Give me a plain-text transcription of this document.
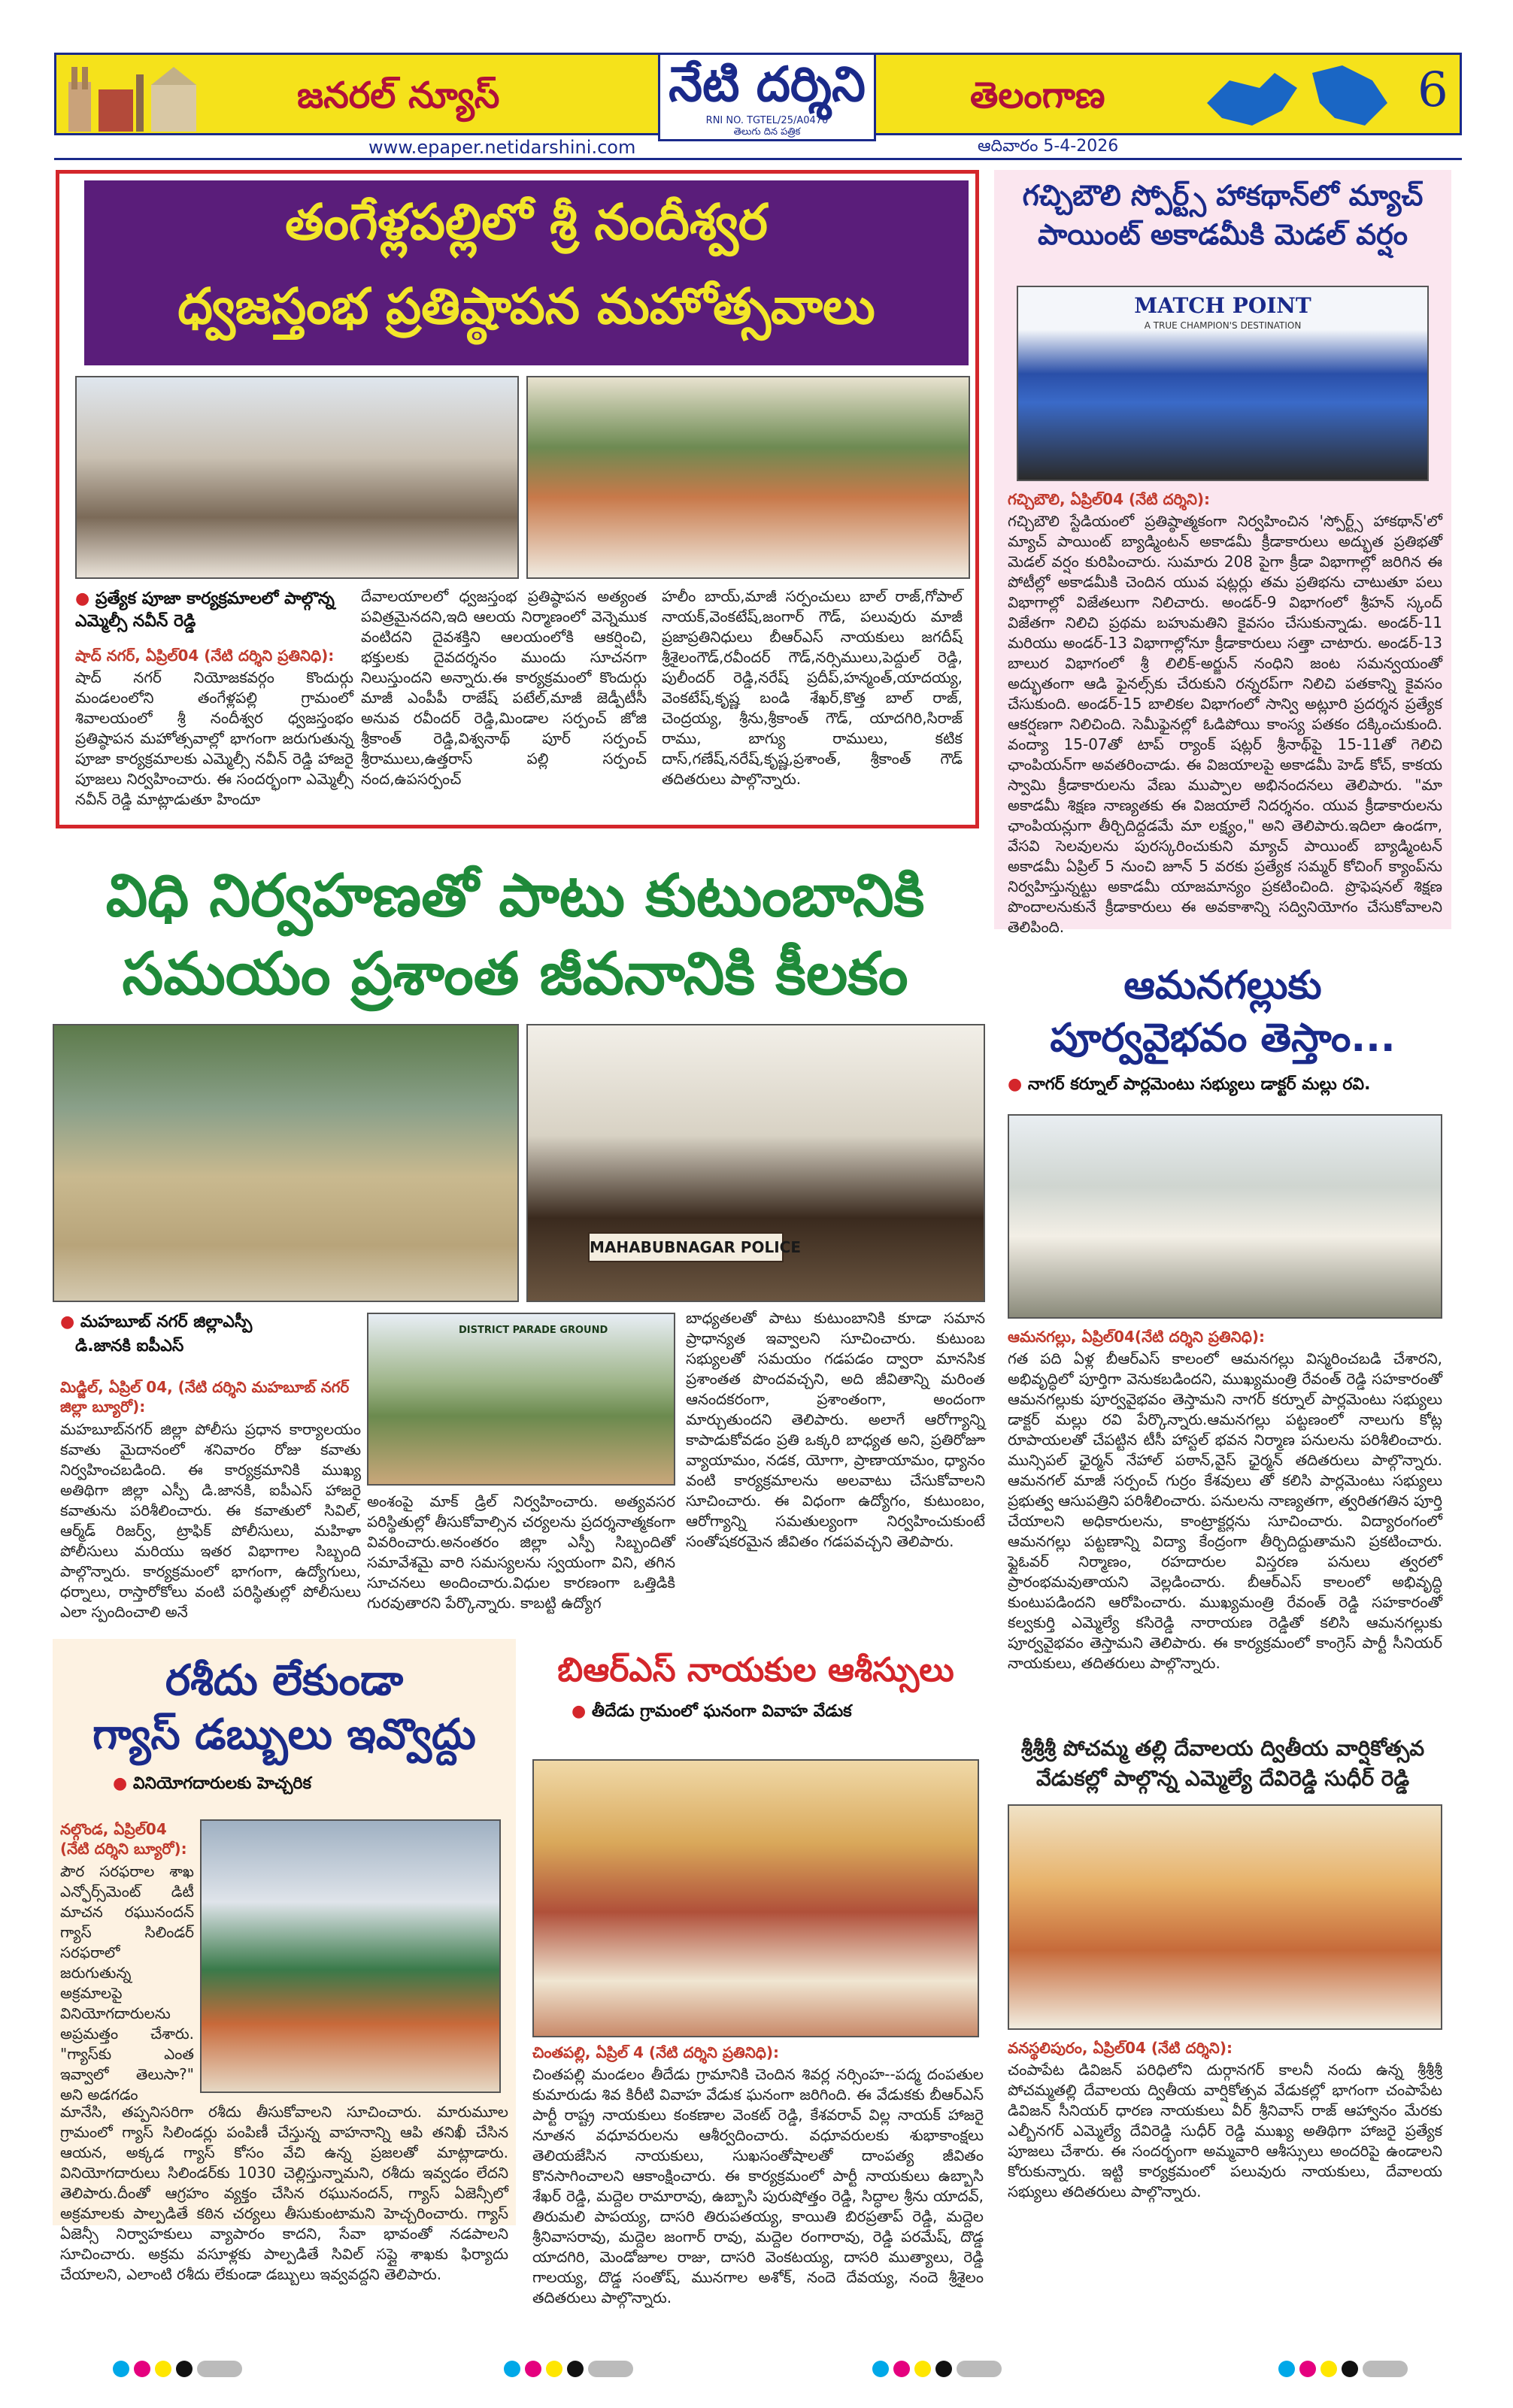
జనరల్ న్యూస్	తెలంగాణ	6
నేటి దర్శిని
RNI NO. TGTEL/25/A0470
తెలుగు దిన పత్రిక
www.epaper.netidarshini.com	ఆదివారం 5-4-2026
తంగేళ్లపల్లిలో శ్రీ నందీశ్వర
ధ్వజస్తంభ ప్రతిష్ఠాపన మహోత్సవాలు
● ప్రత్యేక పూజా కార్యక్రమాలలో పాల్గొన్న ఎమ్మెల్సీ నవీన్ రెడ్డి
షాద్ నగర్, ఏప్రిల్04 (నేటి దర్శిని ప్రతినిధి):
షాద్ నగర్ నియోజకవర్గం కొందుర్గు మండలంలోని తంగేళ్లపల్లి గ్రామంలో శివాలయంలో శ్రీ నందీశ్వర ధ్వజస్తంభం ప్రతిష్ఠాపన మహోత్సవాల్లో భాగంగా జరుగుతున్న పూజా కార్యక్రమాలకు ఎమ్మెల్సీ నవీన్ రెడ్డి హాజరై పూజలు నిర్వహించారు. ఈ సందర్భంగా ఎమ్మెల్సీ నవీన్ రెడ్డి మాట్లాడుతూ హిందూ
దేవాలయాలలో ధ్వజస్తంభ ప్రతిష్ఠాపన అత్యంత పవిత్రమైనదని,ఇది ఆలయ నిర్మాణంలో వెన్నెముక వంటిదని దైవశక్తిని ఆలయంలోకి ఆకర్షించి, భక్తులకు దైవదర్శనం ముందు సూచనగా నిలుస్తుందని అన్నారు.ఈ కార్యక్రమంలో కొందుర్గు మాజీ ఎంపీపీ రాజేష్ పటేల్,మాజీ జెడ్పీటీసీ అనువ రవీందర్ రెడ్డి,మిండాల సర్పంచ్ జోజి శ్రీకాంత్ రెడ్డి,విశ్వనాథ్ పూర్ సర్పంచ్ శ్రీరాములు,ఉత్తరాస్ పల్లి సర్పంచ్ నంద,ఉపసర్పంచ్
హలీం బాయ్,మాజీ సర్పంచులు బాల్ రాజ్,గోపాల్ నాయక్,వెంకటేష్,జంగార్ గౌడ్, పలువురు మాజీ ప్రజాప్రతినిధులు బీఆర్ఎస్ నాయకులు జగదీష్ శ్రీశైలంగౌడ్,రవీందర్ గౌడ్,నర్సిములు,పెద్దుల్ రెడ్డి, పులీందర్ రెడ్డి,నరేష్ ప్రదీప్,హన్మంత్,యాదయ్య, వెంకటేష్,కృష్ణ బండి శేఖర్,కొత్త బాల్ రాజ్, చెంద్రయ్య, శ్రీను,శ్రీకాంత్ గౌడ్, యాదగిరి,సిరాజ్ రాము, బాగ్యు రాములు, కటిక దాస్,గణేష్,నరేష్,కృష్ణ,ప్రశాంత్, శ్రీకాంత్ గౌడ్ తదితరులు పాల్గొన్నారు.
గచ్చిబౌలి స్పోర్ట్స్ హాకథాన్‌లో మ్యాచ్
పాయింట్ అకాడమీకి మెడల్ వర్షం
MATCH POINT
A TRUE CHAMPION'S DESTINATION
గచ్చిబౌలి, ఏప్రిల్04 (నేటి దర్శిని):
గచ్చిబౌలి స్టేడియంలో ప్రతిష్ఠాత్మకంగా నిర్వహించిన 'స్పోర్ట్స్ హాకథాన్'లో మ్యాచ్ పాయింట్ బ్యాడ్మింటన్ అకాడమీ క్రీడాకారులు అద్భుత ప్రతిభతో మెడల్ వర్షం కురిపించారు. సుమారు 208 పైగా క్రీడా విభాగాల్లో జరిగిన ఈ పోటీల్లో అకాడమీకి చెందిన యువ షట్లర్లు తమ ప్రతిభను చాటుతూ పలు విభాగాల్లో విజేతలుగా నిలిచారు. అండర్-9 విభాగంలో శ్రీహన్ స్కంద్ విజేతగా నిలిచి ప్రథమ బహుమతిని కైవసం చేసుకున్నాడు. అండర్-11 మరియు అండర్-13 విభాగాల్లోనూ క్రీడాకారులు సత్తా చాటారు. అండర్-13 బాలుర విభాగంలో శ్రీ లిలిక్-అర్జున్ నంధిని జంట సమన్వయంతో అద్భుతంగా ఆడి ఫైనల్స్‌కు చేరుకుని రన్నరప్‌గా నిలిచి పతకాన్ని కైవసం చేసుకుంది. అండర్-15 బాలికల విభాగంలో సాన్వి అట్లూరి ప్రదర్శన ప్రత్యేక ఆకర్షణగా నిలిచింది. సెమీఫైనల్లో ఓడిపోయి కాంస్య పతకం దక్కించుకుంది. వంద్యా 15-07తో టాప్ ర్యాంక్ షట్లర్ శ్రీనాథ్‌పై 15-11తో గెలిచి ఛాంపియన్‌గా అవతరించాడు. ఈ విజయాలపై అకాడమీ హెడ్ కోచ్, కాకయ స్వామి క్రీడాకారులను వేణు ముప్పాల అభినందనలు తెలిపారు. "మా అకాడమీ శిక్షణ నాణ్యతకు ఈ విజయాలే నిదర్శనం. యువ క్రీడాకారులను ఛాంపియన్లుగా తీర్చిదిద్దడమే మా లక్ష్యం," అని తెలిపారు.ఇదిలా ఉండగా, వేసవి సెలవులను పురస్కరించుకుని మ్యాచ్ పాయింట్ బ్యాడ్మింటన్ అకాడమీ ఏప్రిల్ 5 నుంచి జూన్ 5 వరకు ప్రత్యేక సమ్మర్ కోచింగ్ క్యాంప్‌ను నిర్వహిస్తున్నట్టు అకాడమీ యాజమాన్యం ప్రకటించింది. ప్రొఫెషనల్ శిక్షణ పొందాలనుకునే క్రీడాకారులు ఈ అవకాశాన్ని సద్వినియోగం చేసుకోవాలని తెలిపింది.
విధి నిర్వహణతో పాటు కుటుంబానికి
సమయం ప్రశాంత జీవనానికి కీలకం
MAHABUBNAGAR POLICE
● మహబూబ్ నగర్ జిల్లాఎస్పీ
డి.జానకి ఐపీఎస్
DISTRICT PARADE GROUND
మిడ్జిల్, ఏప్రిల్ 04, (నేటి దర్శిని మహబూబ్ నగర్ జిల్లా బ్యూరో):
మహబూబ్‌నగర్ జిల్లా పోలీసు ప్రధాన కార్యాలయం కవాతు మైదానంలో శనివారం రోజు కవాతు నిర్వహించబడింది. ఈ కార్యక్రమానికి ముఖ్య అతిథిగా జిల్లా ఎస్పీ డి.జానకి, ఐపీఎస్ హాజరై కవాతును పరిశీలించారు. ఈ కవాతులో సివిల్, ఆర్మ్‌డ్ రిజర్వ్, ట్రాఫిక్ పోలీసులు, మహిళా పోలీసులు మరియు ఇతర విభాగాల సిబ్బంది పాల్గొన్నారు. కార్యక్రమంలో భాగంగా, ఉద్యోగులు, ధర్నాలు, రాస్తారోకోలు వంటి పరిస్థితుల్లో పోలీసులు ఎలా స్పందించాలి అనే
అంశంపై మాక్ డ్రిల్ నిర్వహించారు. అత్యవసర పరిస్థితుల్లో తీసుకోవాల్సిన చర్యలను ప్రదర్శనాత్మకంగా వివరించారు.అనంతరం జిల్లా ఎస్పీ సిబ్బందితో సమావేశమై వారి సమస్యలను స్వయంగా విని, తగిన సూచనలు అందించారు.విధుల కారణంగా ఒత్తిడికి గురవుతారని పేర్కొన్నారు. కాబట్టి ఉద్యోగ
బాధ్యతలతో పాటు కుటుంబానికి కూడా సమాన ప్రాధాన్యత ఇవ్వాలని సూచించారు. కుటుంబ సభ్యులతో సమయం గడపడం ద్వారా మానసిక ప్రశాంతత పొందవచ్చని, అది జీవితాన్ని మరింత ఆనందకరంగా, ప్రశాంతంగా, అందంగా మార్చుతుందని తెలిపారు. అలాగే ఆరోగ్యాన్ని కాపాడుకోవడం ప్రతి ఒక్కరి బాధ్యత అని, ప్రతిరోజూ వ్యాయామం, నడక, యోగా, ప్రాణాయామం, ధ్యానం వంటి కార్యక్రమాలను అలవాటు చేసుకోవాలని సూచించారు. ఈ విధంగా ఉద్యోగం, కుటుంబం, ఆరోగ్యాన్ని సమతుల్యంగా నిర్వహించుకుంటే సంతోషకరమైన జీవితం గడపవచ్చని తెలిపారు.
ఆమనగల్లుకు
పూర్వవైభవం తెస్తాం...
● నాగర్ కర్నూల్ పార్లమెంటు సభ్యులు డాక్టర్ మల్లు రవి.
ఆమనగల్లు, ఏప్రిల్04(నేటి దర్శిని ప్రతినిధి):
గత పది ఏళ్ల బీఆర్ఎస్ కాలంలో ఆమనగల్లు విస్మరించబడి చేశారని, అభివృద్ధిలో పూర్తిగా వెనుకబడిందని, ముఖ్యమంత్రి రేవంత్ రెడ్డి సహకారంతో ఆమనగల్లుకు పూర్వవైభవం తెస్తామని నాగర్ కర్నూల్ పార్లమెంటు సభ్యులు డాక్టర్ మల్లు రవి పేర్కొన్నారు.ఆమనగల్లు పట్టణంలో నాలుగు కోట్ల రూపాయలతో చేపట్టిన టీసీ హాస్టల్ భవన నిర్మాణ పనులను పరిశీలించారు. మున్సిపల్ ఛైర్మన్ నేహాల్ పఠాన్,వైస్ ఛైర్మన్ తదితరులు పాల్గొన్నారు. ఆమనగల్ మాజీ సర్పంచ్ గుర్రం కేశవులు తో కలిసి పార్లమెంటు సభ్యులు ప్రభుత్వ ఆసుపత్రిని పరిశీలించారు. పనులను నాణ్యతగా, త్వరితగతిన పూర్తి చేయాలని అధికారులను, కాంట్రాక్టర్లను సూచించారు. విద్యారంగంలో ఆమనగల్లు పట్టణాన్ని విద్యా కేంద్రంగా తీర్చిదిద్దుతామని ప్రకటించారు. ఫ్లైఓవర్ నిర్మాణం, రహదారుల విస్తరణ పనులు త్వరలో ప్రారంభమవుతాయని వెల్లడించారు. బీఆర్ఎస్ కాలంలో అభివృద్ధి కుంటుపడిందని ఆరోపించారు. ముఖ్యమంత్రి రేవంత్ రెడ్డి సహకారంతో కల్వకుర్తి ఎమ్మెల్యే కసిరెడ్డి నారాయణ రెడ్డితో కలిసి ఆమనగల్లుకు పూర్వవైభవం తెస్తామని తెలిపారు. ఈ కార్యక్రమంలో కాంగ్రెస్ పార్టీ సీనియర్ నాయకులు, తదితరులు పాల్గొన్నారు.
శ్రీశ్రీశ్రీ పోచమ్మ తల్లి దేవాలయ ద్వితీయ వార్షికోత్సవ
వేడుకల్లో పాల్గొన్న ఎమ్మెల్యే దేవిరెడ్డి సుధీర్ రెడ్డి
వనస్థలిపురం, ఏప్రిల్04 (నేటి దర్శిని):
చంపాపేట డివిజన్ పరిధిలోని దుర్గానగర్ కాలనీ నందు ఉన్న శ్రీశ్రీశ్రీ పోచమ్మతల్లి దేవాలయ ద్వితీయ వార్షికోత్సవ వేడుకల్లో భాగంగా చంపాపేట డివిజన్ సీనియర్ ధారణ నాయకులు వీర్ శ్రీనివాస్ రాజ్ ఆహ్వానం మేరకు ఎల్బీనగర్ ఎమ్మెల్యే దేవిరెడ్డి సుధీర్ రెడ్డి ముఖ్య అతిథిగా హాజరై ప్రత్యేక పూజలు చేశారు. ఈ సందర్భంగా అమ్మవారి ఆశీస్సులు అందరిపై ఉండాలని కోరుకున్నారు. ఇట్టి కార్యక్రమంలో పలువురు నాయకులు, దేవాలయ సభ్యులు తదితరులు పాల్గొన్నారు.
రశీదు లేకుండా
గ్యాస్ డబ్బులు ఇవ్వొద్దు
● వినియోగదారులకు హెచ్చరిక
నల్గొండ, ఏప్రిల్04 (నేటి దర్శిని బ్యూరో):
పౌర సరఫరాల శాఖ ఎన్ఫోర్స్‌మెంట్ డిటీ మాచన రఘునందన్ గ్యాస్ సిలిండర్ సరఫరాలో జరుగుతున్న అక్రమాలపై వినియోగదారులను అప్రమత్తం చేశారు. "గ్యాస్‌కు ఎంత ఇవ్వాలో తెలుసా?" అని అడగడం
మానేసి, తప్పనిసరిగా రశీదు తీసుకోవాలని సూచించారు. మారుమూల గ్రామంలో గ్యాస్ సిలిండర్లు పంపిణీ చేస్తున్న వాహనాన్ని ఆపి తనిఖీ చేసిన ఆయన, అక్కడ గ్యాస్ కోసం వేచి ఉన్న ప్రజలతో మాట్లాడారు. వినియోగదారులు సిలిండర్‌కు 1030 చెల్లిస్తున్నామని, రశీదు ఇవ్వడం లేదని తెలిపారు.దీంతో ఆగ్రహం వ్యక్తం చేసిన రఘునందన్, గ్యాస్ ఏజెన్సీలో అక్రమాలకు పాల్పడితే కఠిన చర్యలు తీసుకుంటామని హెచ్చరించారు. గ్యాస్ ఏజెన్సీ నిర్వాహకులు వ్యాపారం కాదని, సేవా భావంతో నడపాలని సూచించారు. అక్రమ వసూళ్లకు పాల్పడితే సివిల్ సప్లై శాఖకు ఫిర్యాదు చేయాలని, ఎలాంటి రశీదు లేకుండా డబ్బులు ఇవ్వవద్దని తెలిపారు.
బిఆర్ఎస్ నాయకుల ఆశీస్సులు
● తీదేడు గ్రామంలో ఘనంగా వివాహ వేడుక
చింతపల్లి, ఏప్రిల్ 4 (నేటి దర్శిని ప్రతినిధి):
చింతపల్లి మండలం తీదేడు గ్రామానికి చెందిన శివర్ల నర్సింహ--పద్మ దంపతుల కుమారుడు శివ కిరీటి వివాహ వేడుక ఘనంగా జరిగింది. ఈ వేడుకకు బీఆర్ఎస్ పార్టీ రాష్ట్ర నాయకులు కంకణాల వెంకట్ రెడ్డి, కేశవరావ్ విల్ల నాయక్ హాజరై నూతన వధూవరులను ఆశీర్వదించారు. వధూవరులకు శుభాకాంక్షలు తెలియజేసిన నాయకులు, సుఖసంతోషాలతో దాంపత్య జీవితం కొనసాగించాలని ఆకాంక్షించారు. ఈ కార్యక్రమంలో పార్టీ నాయకులు ఉబ్బాసి శేఖర్ రెడ్డి, మద్దెల రామారావు, ఉబ్బాసి పురుషోత్తం రెడ్డి, సిద్ధాల శ్రీను యాదవ్, తిరుమలి పాపయ్య, దాసరి తిరుపతయ్య, కాయితి బిరప్రతాప్ రెడ్డి, మద్దెల శ్రీనివాసరావు, మద్దెల జంగార్ రావు, మద్దెల రంగారావు, రెడ్డి పరమేష్, దొడ్డ యాదగిరి, మెండోజూల రాజు, దాసరి వెంకటయ్య, దాసరి ముత్యాలు, రెడ్డి గాలయ్య, దొడ్డ సంతోష్, మునగాల అశోక్, నందె దేవయ్య, నందె శ్రీశైలం తదితరులు పాల్గొన్నారు.
